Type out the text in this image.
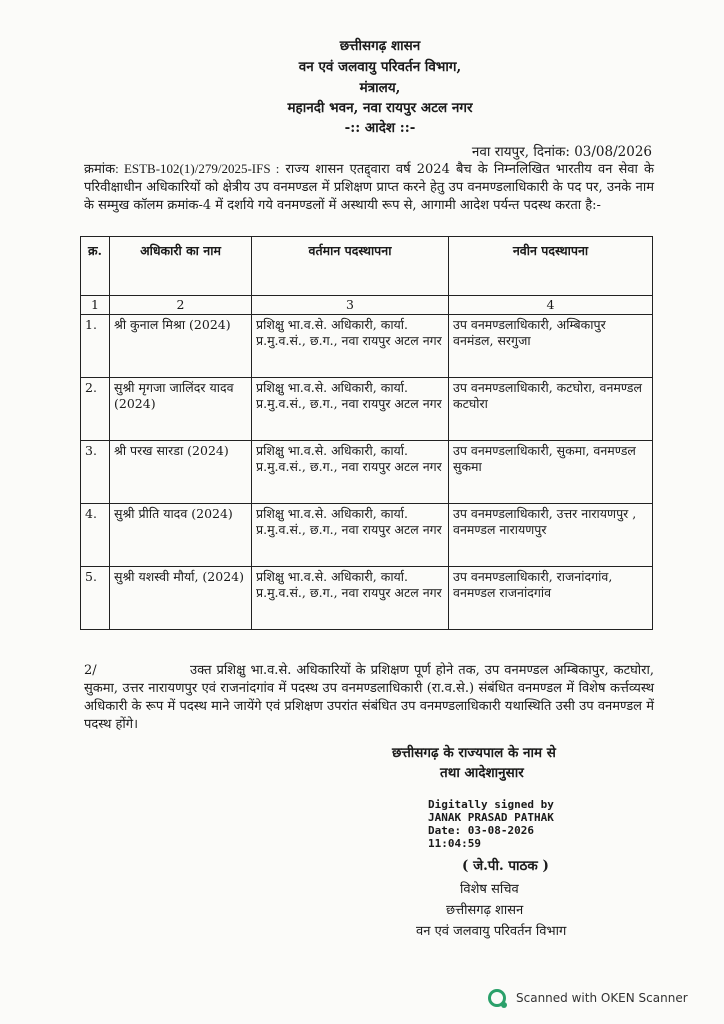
छत्तीसगढ़ शासन
वन एवं जलवायु परिवर्तन विभाग,
मंत्रालय,
महानदी भवन, नवा रायपुर अटल नगर
-:: आदेश ::-
नवा रायपुर, दिनांक: 03/08/2026
क्रमांक: ESTB-102(1)/279/2025-IFS : राज्य शासन एतद्द्वारा वर्ष 2024 बैच के निम्नलिखित भारतीय वन सेवा के परिवीक्षाधीन अधिकारियों को क्षेत्रीय उप वनमण्डल में प्रशिक्षण प्राप्त करने हेतु उप वनमण्डलाधिकारी के पद पर, उनके नाम के सम्मुख कॉलम क्रमांक-4 में दर्शाये गये वनमण्डलों में अस्थायी रूप से, आगामी आदेश पर्यन्त पदस्थ करता है:-
क्र.	अधिकारी का नाम	वर्तमान पदस्थापना	नवीन पदस्थापना
1	2	3	4
1.	श्री कुनाल मिश्रा (2024)	प्रशिक्षु भा.व.से. अधिकारी, कार्या. प्र.मु.व.सं., छ.ग., नवा रायपुर अटल नगर	उप वनमण्डलाधिकारी, अम्बिकापुर वनमंडल, सरगुजा
2.	सुश्री मृगजा जालिंदर यादव (2024)	प्रशिक्षु भा.व.से. अधिकारी, कार्या. प्र.मु.व.सं., छ.ग., नवा रायपुर अटल नगर	उप वनमण्डलाधिकारी, कटघोरा, वनमण्डल कटघोरा
3.	श्री परख सारडा (2024)	प्रशिक्षु भा.व.से. अधिकारी, कार्या. प्र.मु.व.सं., छ.ग., नवा रायपुर अटल नगर	उप वनमण्डलाधिकारी, सुकमा, वनमण्डल सुकमा
4.	सुश्री प्रीति यादव (2024)	प्रशिक्षु भा.व.से. अधिकारी, कार्या. प्र.मु.व.सं., छ.ग., नवा रायपुर अटल नगर	उप वनमण्डलाधिकारी, उत्तर नारायणपुर , वनमण्डल नारायणपुर
5.	सुश्री यशस्वी मौर्या, (2024)	प्रशिक्षु भा.व.से. अधिकारी, कार्या. प्र.मु.व.सं., छ.ग., नवा रायपुर अटल नगर	उप वनमण्डलाधिकारी, राजनांदगांव, वनमण्डल राजनांदगांव
2/	उक्त प्रशिक्षु भा.व.से. अधिकारियों के प्रशिक्षण पूर्ण होने तक, उप वनमण्डल अम्बिकापुर, कटघोरा, सुकमा, उत्तर नारायणपुर एवं राजनांदगांव में पदस्थ उप वनमण्डलाधिकारी (रा.व.से.) संबंधित वनमण्डल में विशेष कर्त्तव्यस्थ अधिकारी के रूप में पदस्थ माने जायेंगे एवं प्रशिक्षण उपरांत संबंधित उप वनमण्डलाधिकारी यथास्थिति उसी उप वनमण्डल में पदस्थ होंगे।
छत्तीसगढ़ के राज्यपाल के नाम से
तथा आदेशानुसार
Digitally signed by
JANAK PRASAD PATHAK
Date: 03-08-2026
11:04:59
( जे.पी. पाठक )
विशेष सचिव
छत्तीसगढ़ शासन
वन एवं जलवायु परिवर्तन विभाग
Scanned with OKEN Scanner
